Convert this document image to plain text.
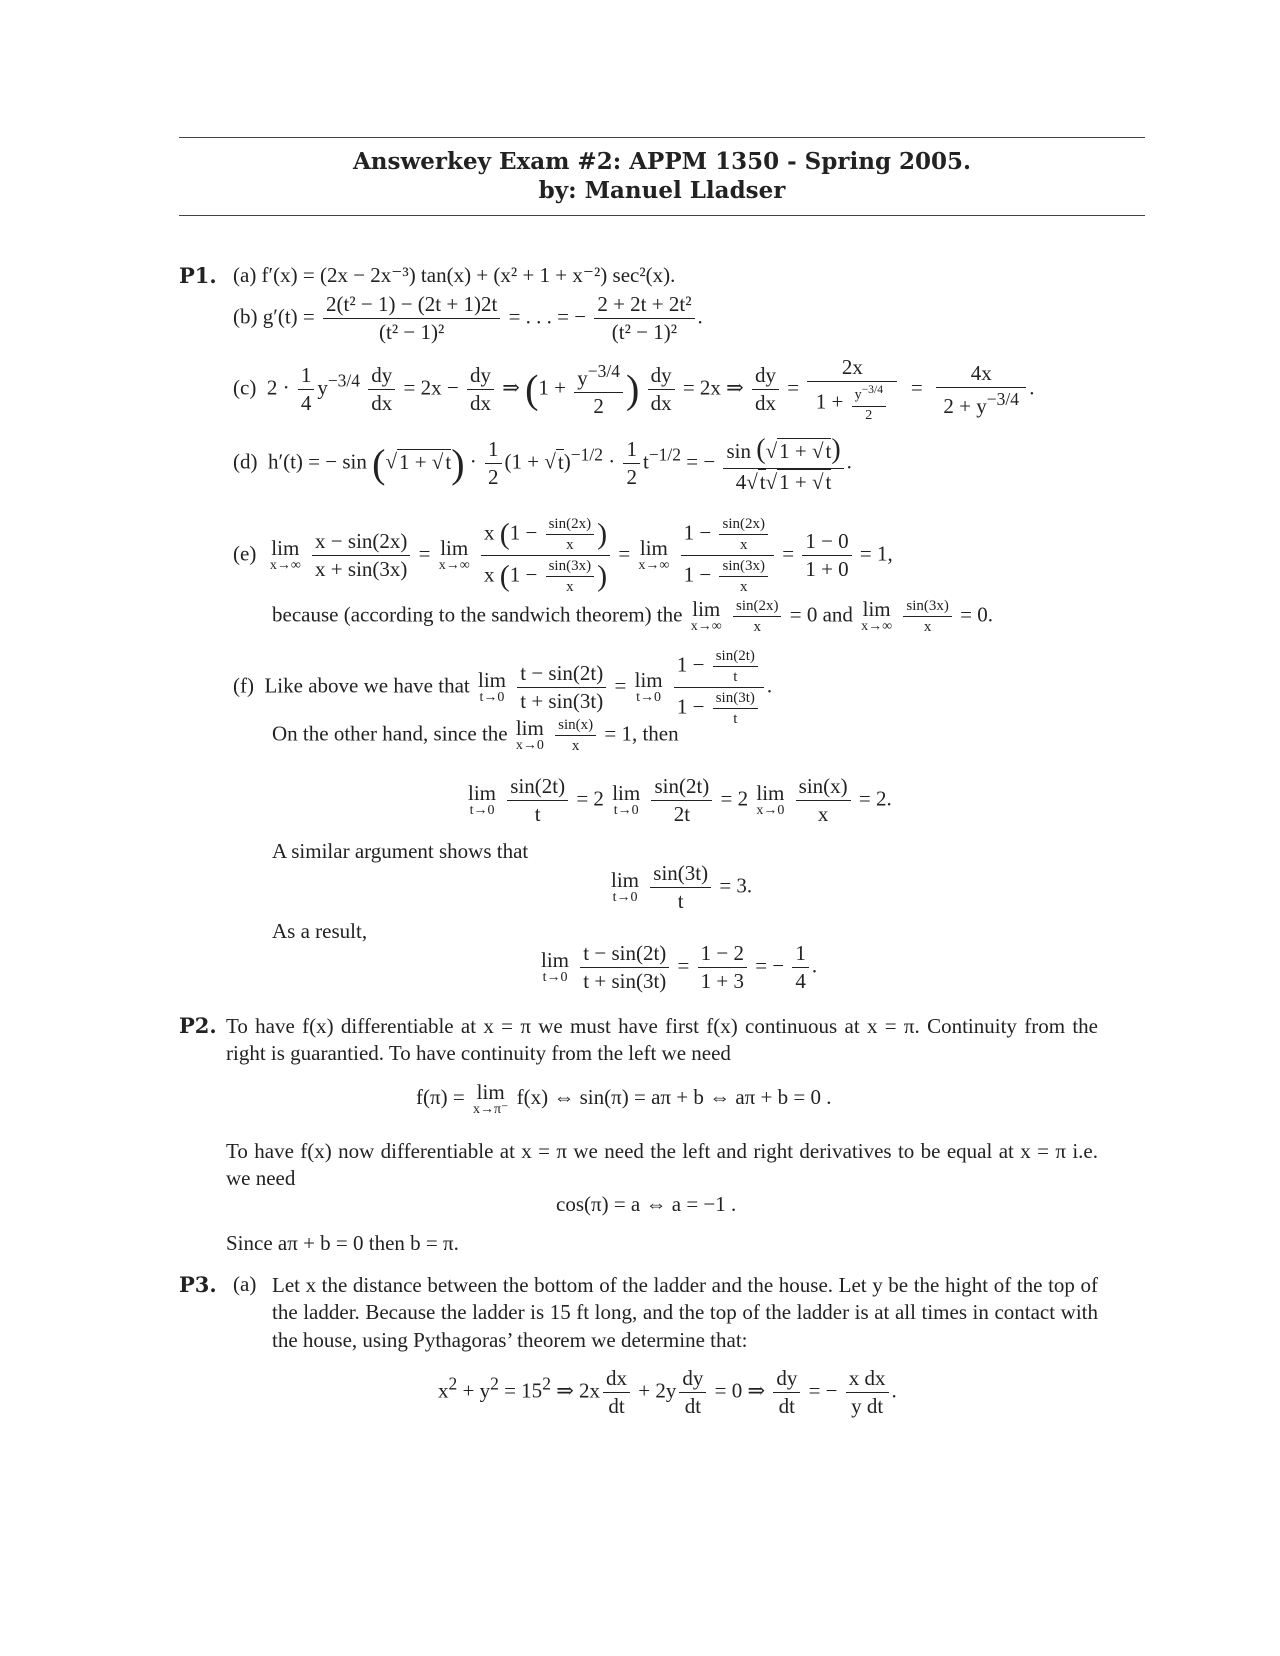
Answerkey Exam #2: APPM 1350 - Spring 2005.
by: Manuel Lladser
P1. (a) f′(x) = (2x − 2x⁻³) tan(x) + (x² + 1 + x⁻²) sec²(x).
(b) $g'(t) = \frac{\text{2(t² − 1) − (2t + 1)2t}}{\text{(t² − 1)²}}$ = . . . = − $\frac{\text{2 + 2t + 2t²}}{\text{(t² − 1)²}}$ .
(c)  $2 \cdot \frac{1}{4} y^{-3/4} \frac{dy}{dx} = 2x - \frac{dy}{dx}$ ⇒ ($1 + \frac{y^{-3/4}}{2}$ ) $\frac{dy}{dx} = 2x$ ⇒ $\frac{dy}{dx} = \frac{2x}{1 + \frac{y^{-3/4}}{2}} = \frac{4x}{2 + y^{-3/4}}$ .
(d)  h′(t) = − $\sin (√1 + √t) \cdot \frac{1}{2} (1 + √t)^{-1/2} \cdot \frac{1}{2} t^{-1/2}$ = − $\frac{\sin (√1 + √t)}{4√t√1 + √t}$ .
(e) lim
x→∞
$\frac{x - \sin(2x)}{x + \sin(3x)} = \lim$
x→∞
$\frac{x (1 - \frac{\sin(2x)}{x} )}{x (1 - \frac{\sin(3x)}{x} )} = \lim$
x→∞
$\frac{1 - \frac{\sin(2x)}{x}}{1 - \frac{\sin(3x)}{x}} = \frac{1 - 0}{1 + 0} = 1$,
because (according to the sandwich theorem) the lim
x→∞
$\frac{\sin(2x)}{x} = 0$ and lim
x→∞
$\frac{\sin(3x)}{x} = 0$.
(f) Like above we have that lim
t→0
$\frac{t - \sin(2t)}{t + \sin(3t)} = \lim$
t→0
$\frac{1 - \frac{\sin(2t)}{t}}{1 - \frac{\sin(3t)}{t}}$ .
On the other hand, since the lim
x→0
$\frac{\sin(x)}{x} = 1$, then
lim
t→0
$\frac{\sin(2t)}{t} = 2$ lim
t→0
$\frac{\sin(2t)}{2t} = 2$ lim
x→0
$\frac{\sin(x)}{x} = 2$.
A similar argument shows that
lim
t→0
$\frac{\sin(3t)}{t} = 3$.
As a result,
lim
t→0
$\frac{t - \sin(2t)}{t + \sin(3t)} = \frac{1 - 2}{1 + 3}$ = − $\frac{1}{4}$ .
P2. To have f(x) differentiable at x = π we must have first f(x) continuous at x = π. Continuity from the right is guarantied. To have continuity from the left we need
f(π) = lim
x→π⁻
f(x) ⇔ sin(π) = aπ + b ⇔ aπ + b = 0 .
To have f(x) now differentiable at x = π we need the left and right derivatives to be equal at x = π i.e. we need
cos(π) = a ⇔ a = −1 .
Since aπ + b = 0 then b = π.
P3. (a) Let x the distance between the bottom of the ladder and the house. Let y be the hight of the top of the ladder. Because the ladder is 15 ft long, and the top of the ladder is at all times in contact with the house, using Pythagoras’ theorem we determine that:
$x^2 + y^2 = 15^2$ ⇒ $2x \frac{dx}{dt} + 2y \frac{dy}{dt} = 0$ ⇒ $\frac{dy}{dt}$ = − $\frac{\text{x dx}}{\text{y dt}}$ .
